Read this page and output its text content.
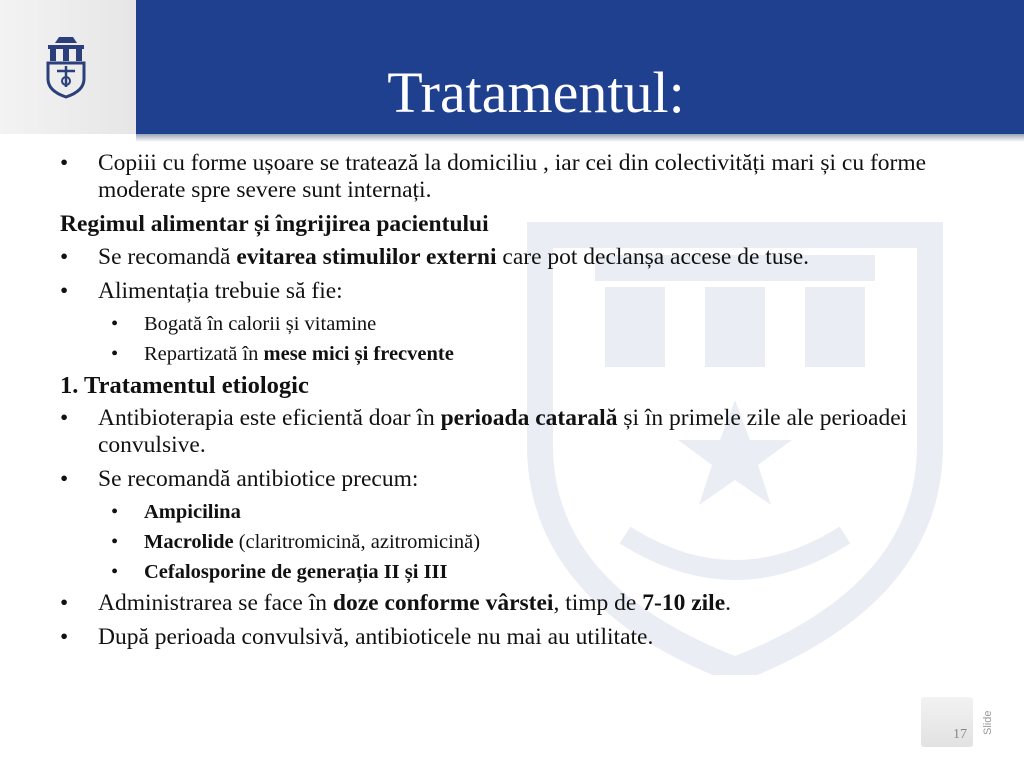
Tratamentul:
• Copiii cu forme ușoare se tratează la domiciliu , iar cei din colectivități mari și cu forme moderate spre severe sunt internați.
Regimul alimentar și îngrijirea pacientului
• Se recomandă evitarea stimulilor externi care pot declanșa accese de tuse.
• Alimentația trebuie să fie:
• Bogată în calorii și vitamine
• Repartizată în mese mici și frecvente
1. Tratamentul etiologic
• Antibioterapia este eficientă doar în perioada catarală și în primele zile ale perioadei convulsive.
• Se recomandă antibiotice precum:
• Ampicilina
• Macrolide (claritromicină, azitromicină)
• Cefalosporine de generația II și III
• Administrarea se face în doze conforme vârstei, timp de 7-10 zile.
• După perioada convulsivă, antibioticele nu mai au utilitate.
17 Slide
